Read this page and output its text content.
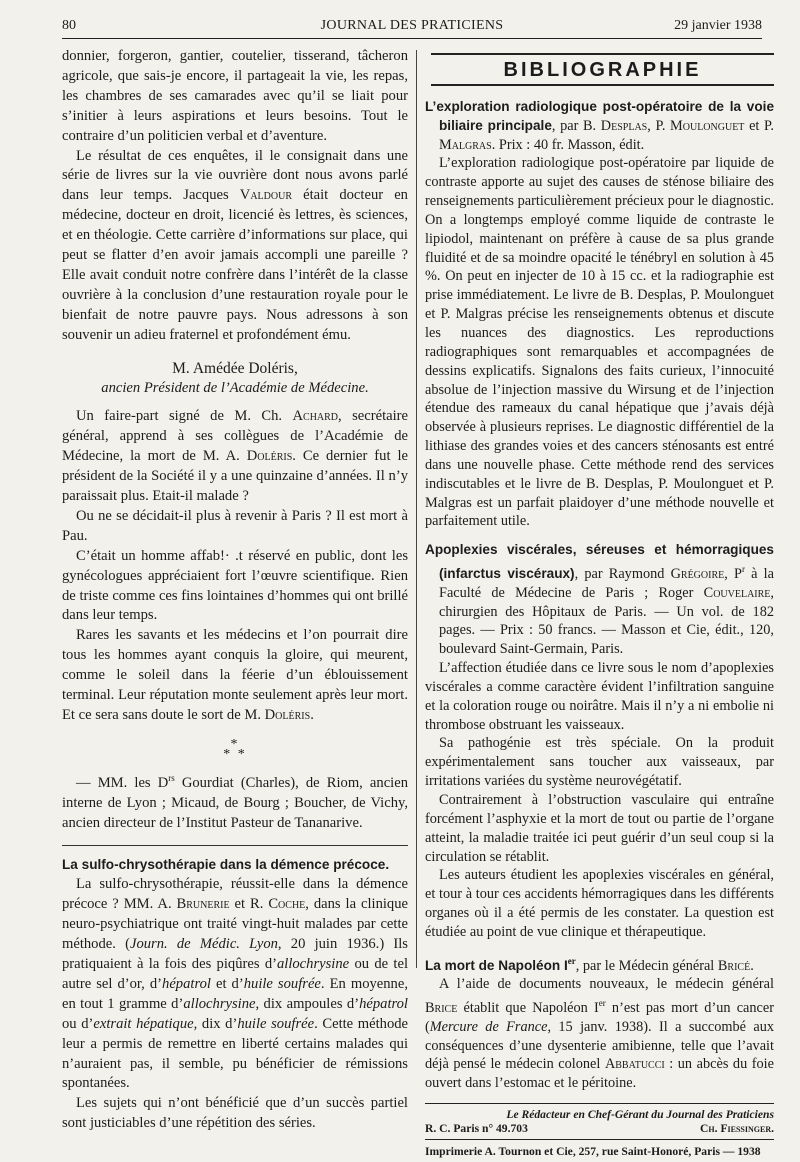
80	JOURNAL DES PRATICIENS	29 janvier 1938

donnier, forgeron, gantier, coutelier, tisserand, tâcheron agricole, que sais-je encore, il partageait la vie, les repas, les chambres de ses camarades avec qu’il se liait pour s’initier à leurs aspirations et leurs besoins. Tout le contraire d’un politicien verbal et d’aventure.

Le résultat de ces enquêtes, il le consignait dans une série de livres sur la vie ouvrière dont nous avons parlé dans leur temps. Jacques Valdour était docteur en médecine, docteur en droit, licencié ès lettres, ès sciences, et en théologie. Cette carrière d’informations sur place, qui peut se flatter d’en avoir jamais accompli une pareille ? Elle avait conduit notre confrère dans l’intérêt de la classe ouvrière à la conclusion d’une restauration royale pour le bienfait de notre pauvre pays. Nous adressons à son souvenir un adieu fraternel et profondément ému.

M. Amédée Doléris,

ancien Président de l’Académie de Médecine.

Un faire-part signé de M. Ch. Achard, secrétaire général, apprend à ses collègues de l’Académie de Médecine, la mort de M. A. Doléris. Ce dernier fut le président de la Société il y a une quinzaine d’années. Il n’y paraissait plus. Etait-il malade ?

Ou ne se décidait-il plus à revenir à Paris ? Il est mort à Pau.

C’était un homme affab!· .t réservé en public, dont les gynécologues appréciaient fort l’œuvre scientifique. Rien de triste comme ces fins lointaines d’hommes qui ont brillé dans leur temps.

Rares les savants et les médecins et l’on pourrait dire tous les hommes ayant conquis la gloire, qui meurent, comme le soleil dans la féerie d’un éblouissement terminal. Leur réputation monte seulement après leur mort. Et ce sera sans doute le sort de M. Doléris.

*
* *

— MM. les $D^{rs}$ Gourdiat (Charles), de Riom, ancien interne de Lyon ; Micaud, de Bourg ; Boucher, de Vichy, ancien directeur de l’Institut Pasteur de Tananarive.

La sulfo-chrysothérapie dans la démence précoce.

La sulfo-chrysothérapie, réussit-elle dans la démence précoce ? MM. A. Brunerie et R. Coche, dans la clinique neuro-psychiatrique ont traité vingt-huit malades par cette méthode. (Journ. de Médic. Lyon, 20 juin 1936.) Ils pratiquaient à la fois des piqûres d’allochrysine ou de tel autre sel d’or, d’hépatrol et d’huile soufrée. En moyenne, en tout 1 gramme d’allochrysine, dix ampoules d’hépatrol ou d’extrait hépatique, dix d’huile soufrée. Cette méthode leur a permis de remettre en liberté certains malades qui n’auraient pas, il semble, pu bénéficier de rémissions spontanées.

Les sujets qui n’ont bénéficié que d’un succès partiel sont justiciables d’une répétition des séries.

BIBLIOGRAPHIE

L’exploration radiologique post-opératoire de la voie biliaire principale, par B. Desplas, P. Moulonguet et P. Malgras. Prix : 40 fr. Masson, édit.

L’exploration radiologique post-opératoire par liquide de contraste apporte au sujet des causes de sténose biliaire des renseignements particulièrement précieux pour le diagnostic. On a longtemps employé comme liquide de contraste le lipiodol, maintenant on préfère à cause de sa plus grande fluidité et de sa moindre opacité le ténébryl en solution à 45 %. On peut en injecter de 10 à 15 cc. et la radiographie est prise immédiatement. Le livre de B. Desplas, P. Moulonguet et P. Malgras précise les renseignements obtenus et discute les nuances des diagnostics. Les reproductions radiographiques sont remarquables et accompagnées de dessins explicatifs. Signalons des faits curieux, l’innocuité absolue de l’injection massive du Wirsung et de l’injection étendue des rameaux du canal hépatique que j’avais déjà observée à plusieurs reprises. Le diagnostic différentiel de la lithiase des grandes voies et des cancers sténosants est entré dans une nouvelle phase. Cette méthode rend des services indiscutables et le livre de B. Desplas, P. Moulonguet et P. Malgras est un parfait plaidoyer d’une méthode nouvelle et parfaitement utile.

Apoplexies viscérales, séreuses et hémorragiques (infarctus viscéraux), par Raymond Grégoire, $P^r$ à la Faculté de Médecine de Paris ; Roger Couvelaire, chirurgien des Hôpitaux de Paris. — Un vol. de 182 pages. — Prix : 50 francs. — Masson et Cie, édit., 120, boulevard Saint-Germain, Paris.

L’affection étudiée dans ce livre sous le nom d’apoplexies viscérales a comme caractère évident l’infiltration sanguine et la coloration rouge ou noirâtre. Mais il n’y a ni embolie ni thrombose obstruant les vaisseaux.

Sa pathogénie est très spéciale. On la produit expérimentalement sans toucher aux vaisseaux, par irritations variées du système neurovégétatif.

Contrairement à l’obstruction vasculaire qui entraîne forcément l’asphyxie et la mort de tout ou partie de l’organe atteint, la maladie traitée ici peut guérir d’un seul coup si la circulation se rétablit.

Les auteurs étudient les apoplexies viscérales en général, et tour à tour ces accidents hémorragiques dans les différents organes où il a été permis de les constater. La question est étudiée au point de vue clinique et thérapeutique.

La mort de Napoléon Ier, par le Médecin général Bricé.

A l’aide de documents nouveaux, le médecin général Brice établit que Napoléon Ier n’est pas mort d’un cancer (Mercure de France, 15 janv. 1938). Il a succombé aux conséquences d’une dysenterie amibienne, telle que l’avait déjà pensé le médecin colonel Abbatucci : un abcès du foie ouvert dans l’estomac et le péritoine.

Le Rédacteur en Chef-Gérant du Journal des Praticiens
R. C. Paris n° 49.703	Ch. Fiessinger.
Imprimerie A. Tournon et Cie, 257, rue Saint-Honoré, Paris — 1938
